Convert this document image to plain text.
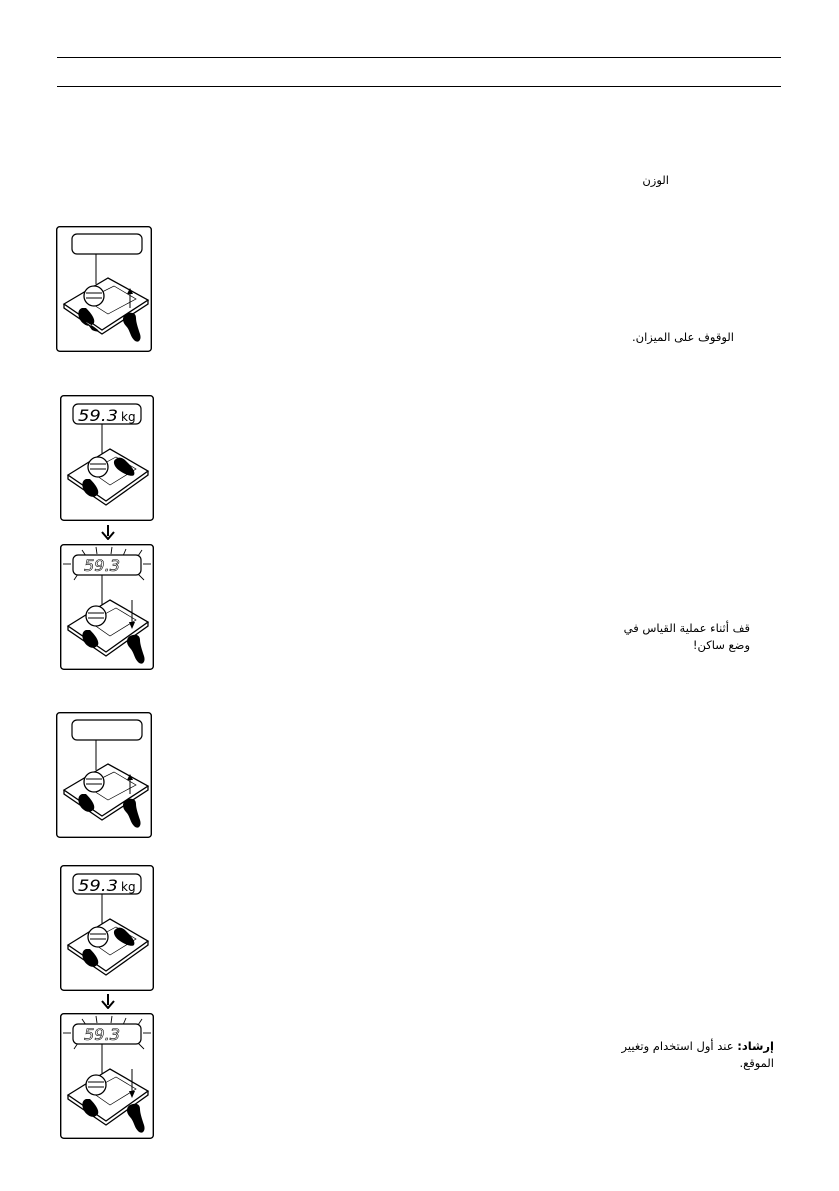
الوزن
الوقوف على الميزان.
قف أثناء عملية القياس في وضع ساكن!
إرشاد: عند أول استخدام وتغيير الموقع.
59.3 kg
59.3
59.3 kg
59.3
